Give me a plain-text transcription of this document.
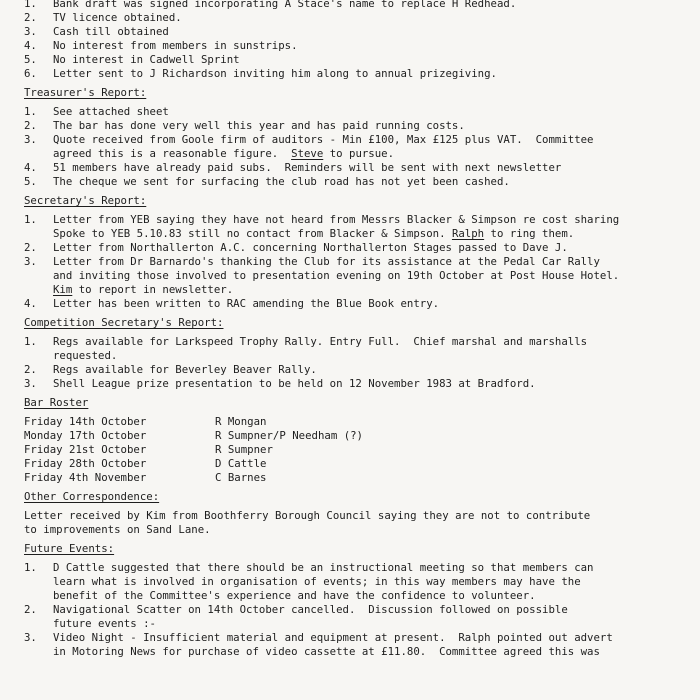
1.	Bank draft was signed incorporating A Stace's name to replace H Redhead.
2.	TV licence obtained.
3.	Cash till obtained
4.	No interest from members in sunstrips.
5.	No interest in Cadwell Sprint
6.	Letter sent to J Richardson inviting him along to annual prizegiving.
Treasurer's Report:
1.	See attached sheet
2.	The bar has done very well this year and has paid running costs.
3.	Quote received from Goole firm of auditors - Min £100, Max £125 plus VAT.  Committee
agreed this is a reasonable figure.  Steve to pursue.
4.	51 members have already paid subs.  Reminders will be sent with next newsletter
5.	The cheque we sent for surfacing the club road has not yet been cashed.
Secretary's Report:
1.	Letter from YEB saying they have not heard from Messrs Blacker & Simpson re cost sharing
Spoke to YEB 5.10.83 still no contact from Blacker & Simpson. Ralph to ring them.
2.	Letter from Northallerton A.C. concerning Northallerton Stages passed to Dave J.
3.	Letter from Dr Barnardo's thanking the Club for its assistance at the Pedal Car Rally
and inviting those involved to presentation evening on 19th October at Post House Hotel.
Kim to report in newsletter.
4.	Letter has been written to RAC amending the Blue Book entry.
Competition Secretary's Report:
1.	Regs available for Larkspeed Trophy Rally. Entry Full.  Chief marshal and marshalls
requested.
2.	Regs available for Beverley Beaver Rally.
3.	Shell League prize presentation to be held on 12 November 1983 at Bradford.
Bar Roster
Friday 14th October	R Mongan
Monday 17th October	R Sumpner/P Needham (?)
Friday 21st October	R Sumpner
Friday 28th October	D Cattle
Friday 4th November	C Barnes
Other Correspondence:
Letter received by Kim from Boothferry Borough Council saying they are not to contribute
to improvements on Sand Lane.
Future Events:
1.	D Cattle suggested that there should be an instructional meeting so that members can
learn what is involved in organisation of events; in this way members may have the
benefit of the Committee's experience and have the confidence to volunteer.
2.	Navigational Scatter on 14th October cancelled.  Discussion followed on possible
future events :-
3.	Video Night - Insufficient material and equipment at present.  Ralph pointed out advert
in Motoring News for purchase of video cassette at £11.80.  Committee agreed this was
